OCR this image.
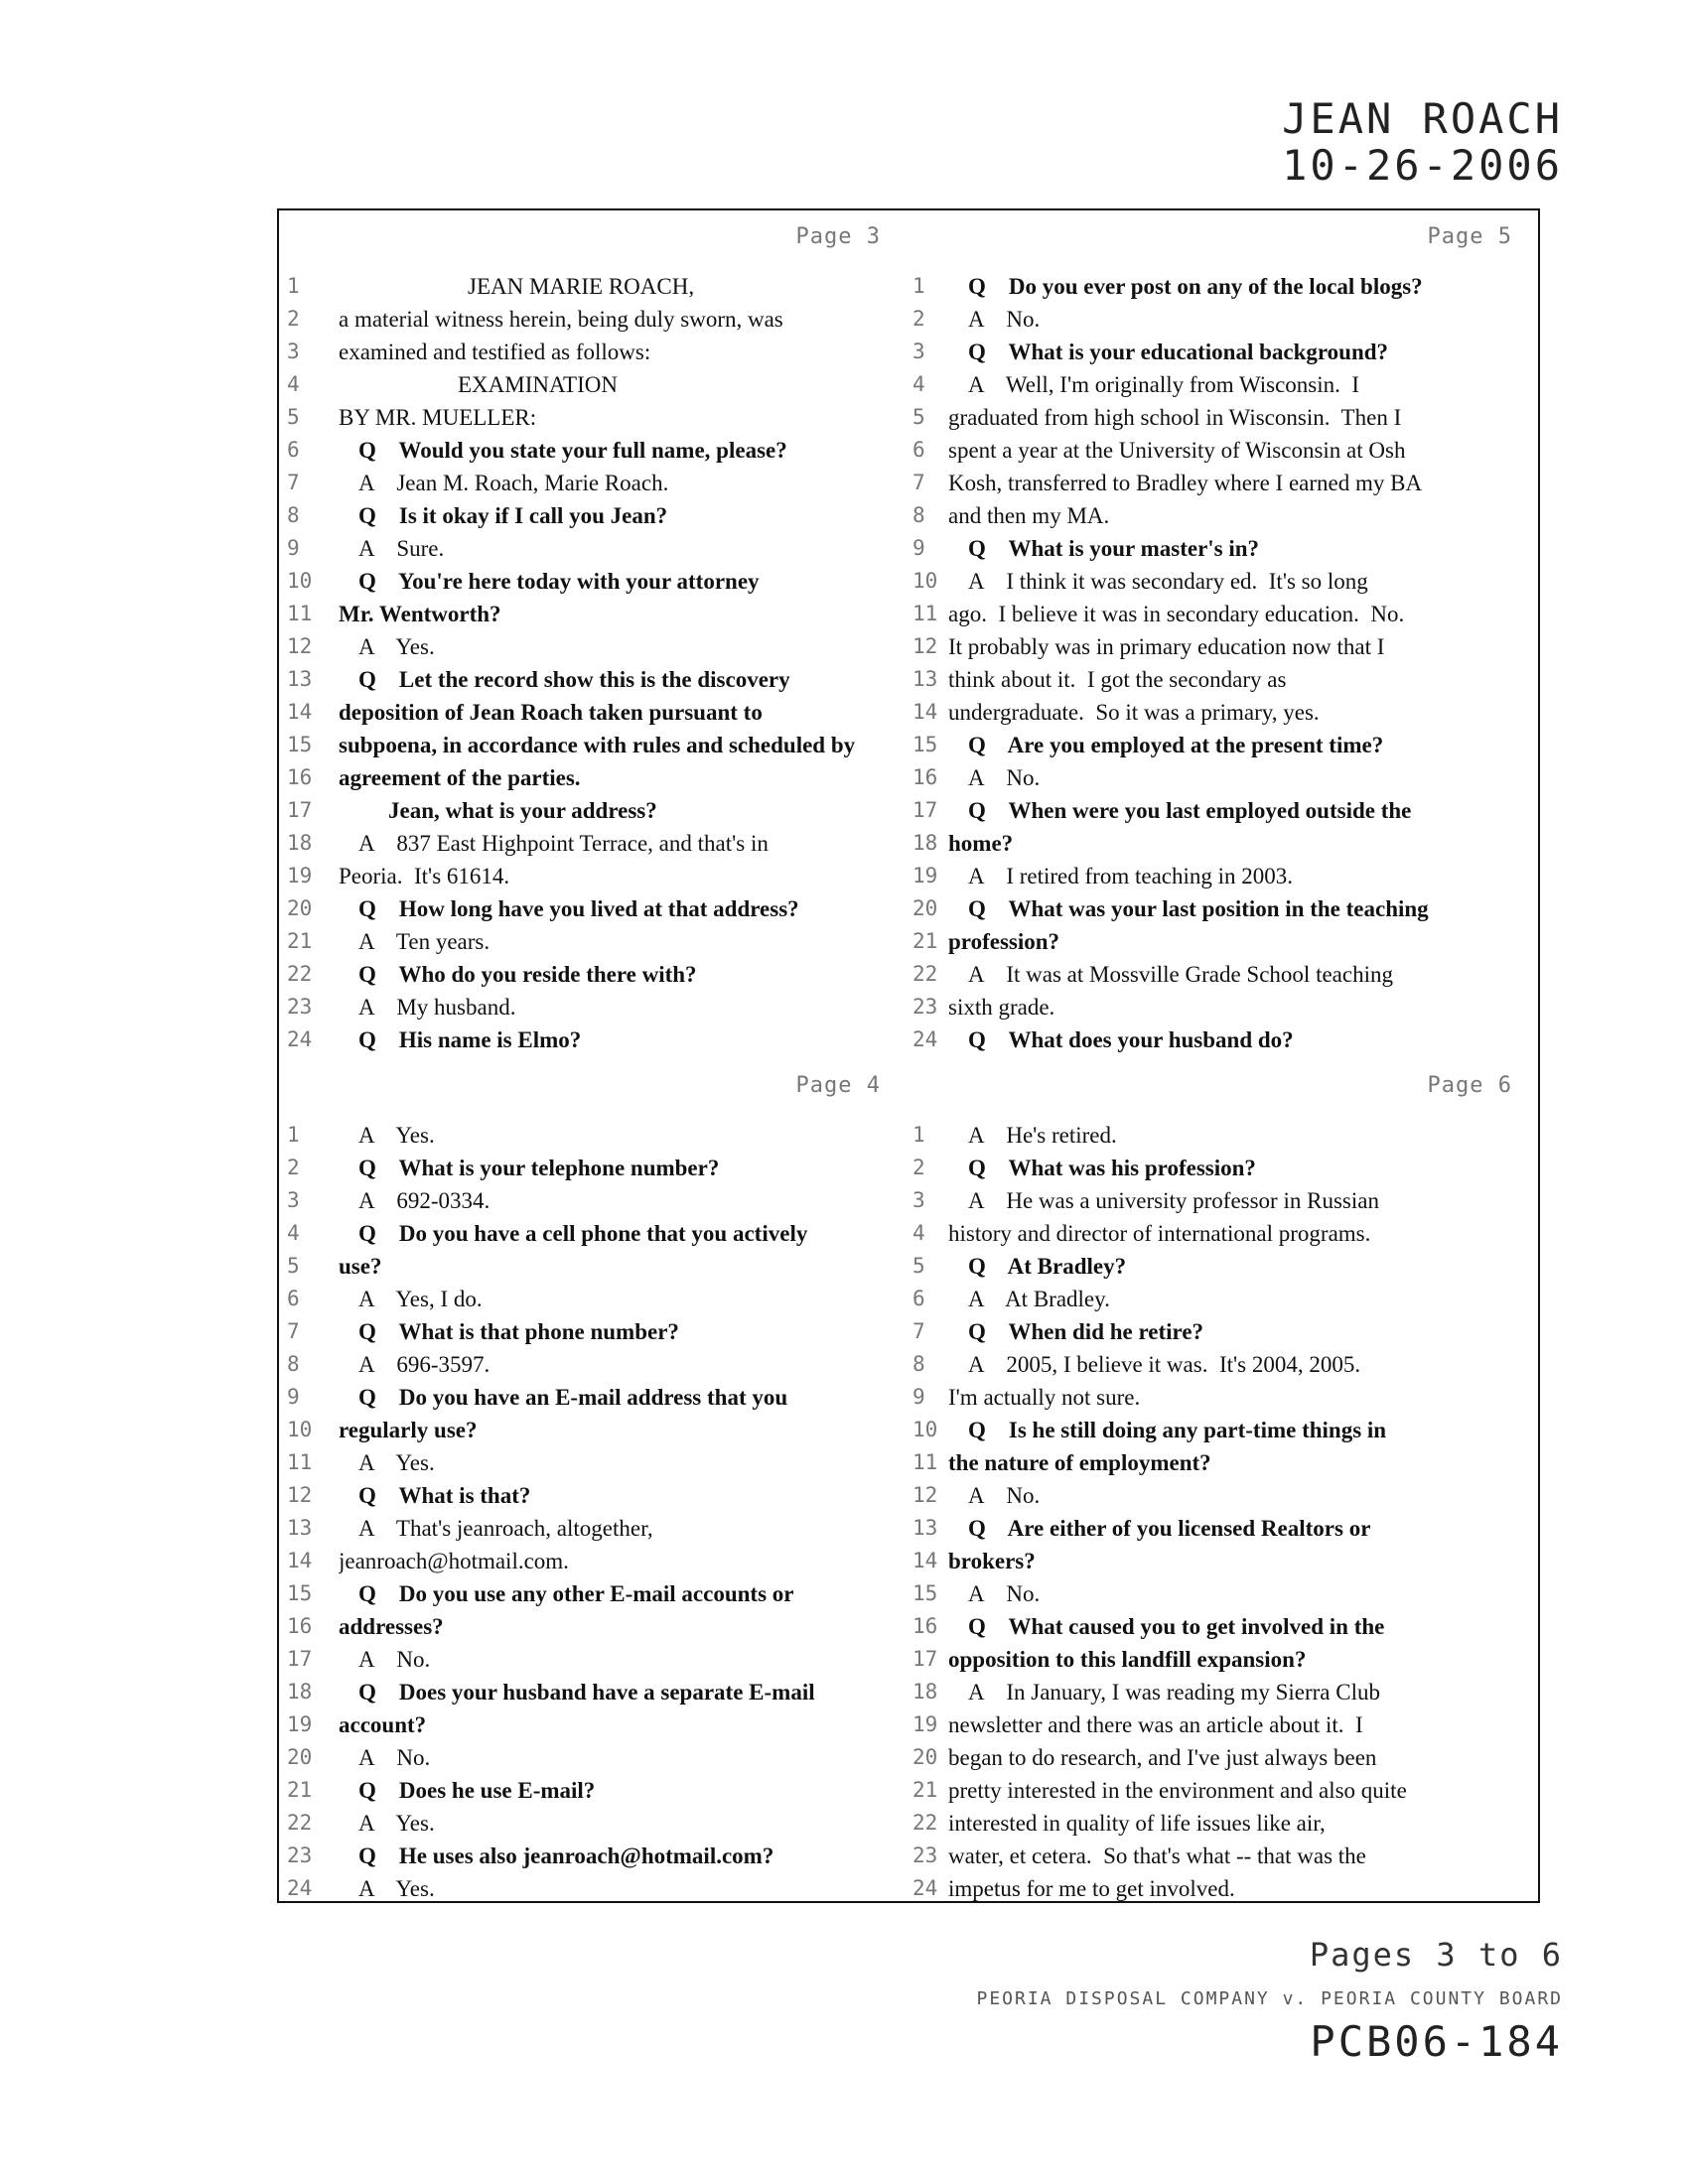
JEAN ROACH
10-26-2006
Page 3
1	JEAN MARIE ROACH,
2	a material witness herein, being duly sworn, was
3	examined and testified as follows:
4	EXAMINATION
5	BY MR. MUELLER:
6	Q    Would you state your full name, please?
7	A    Jean M. Roach, Marie Roach.
8	Q    Is it okay if I call you Jean?
9	A    Sure.
10	Q    You're here today with your attorney
11	Mr. Wentworth?
12	A    Yes.
13	Q    Let the record show this is the discovery
14	deposition of Jean Roach taken pursuant to
15	subpoena, in accordance with rules and scheduled by
16	agreement of the parties.
17	Jean, what is your address?
18	A    837 East Highpoint Terrace, and that's in
19	Peoria.  It's 61614.
20	Q    How long have you lived at that address?
21	A    Ten years.
22	Q    Who do you reside there with?
23	A    My husband.
24	Q    His name is Elmo?
Page 5
1	Q    Do you ever post on any of the local blogs?
2	A    No.
3	Q    What is your educational background?
4	A    Well, I'm originally from Wisconsin.  I
5	graduated from high school in Wisconsin.  Then I
6	spent a year at the University of Wisconsin at Osh
7	Kosh, transferred to Bradley where I earned my BA
8	and then my MA.
9	Q    What is your master's in?
10	A    I think it was secondary ed.  It's so long
11 ago.  I believe it was in secondary education.  No.
12 It probably was in primary education now that I
13 think about it.  I got the secondary as
14 undergraduate.  So it was a primary, yes.
15	Q    Are you employed at the present time?
16	A    No.
17	Q    When were you last employed outside the
18 home?
19	A    I retired from teaching in 2003.
20	Q    What was your last position in the teaching
21 profession?
22	A    It was at Mossville Grade School teaching
23 sixth grade.
24	Q    What does your husband do?
Page 4
1	A    Yes.
2	Q    What is your telephone number?
3	A    692-0334.
4	Q    Do you have a cell phone that you actively
5	use?
6	A    Yes, I do.
7	Q    What is that phone number?
8	A    696-3597.
9	Q    Do you have an E-mail address that you
10	regularly use?
11	A    Yes.
12	Q    What is that?
13	A    That's jeanroach, altogether,
14	jeanroach@hotmail.com.
15	Q    Do you use any other E-mail accounts or
16	addresses?
17	A    No.
18	Q    Does your husband have a separate E-mail
19	account?
20	A    No.
21	Q    Does he use E-mail?
22	A    Yes.
23	Q    He uses also jeanroach@hotmail.com?
24	A    Yes.
Page 6
1	A    He's retired.
2	Q    What was his profession?
3	A    He was a university professor in Russian
4	history and director of international programs.
5	Q    At Bradley?
6	A    At Bradley.
7	Q    When did he retire?
8	A    2005, I believe it was.  It's 2004, 2005.
9	I'm actually not sure.
10	Q    Is he still doing any part-time things in
11 the nature of employment?
12	A    No.
13	Q    Are either of you licensed Realtors or
14 brokers?
15	A    No.
16	Q    What caused you to get involved in the
17 opposition to this landfill expansion?
18	A    In January, I was reading my Sierra Club
19 newsletter and there was an article about it.  I
20 began to do research, and I've just always been
21 pretty interested in the environment and also quite
22 interested in quality of life issues like air,
23 water, et cetera.  So that's what -- that was the
24 impetus for me to get involved.
Pages 3 to 6
PEORIA DISPOSAL COMPANY v. PEORIA COUNTY BOARD
PCB06-184
